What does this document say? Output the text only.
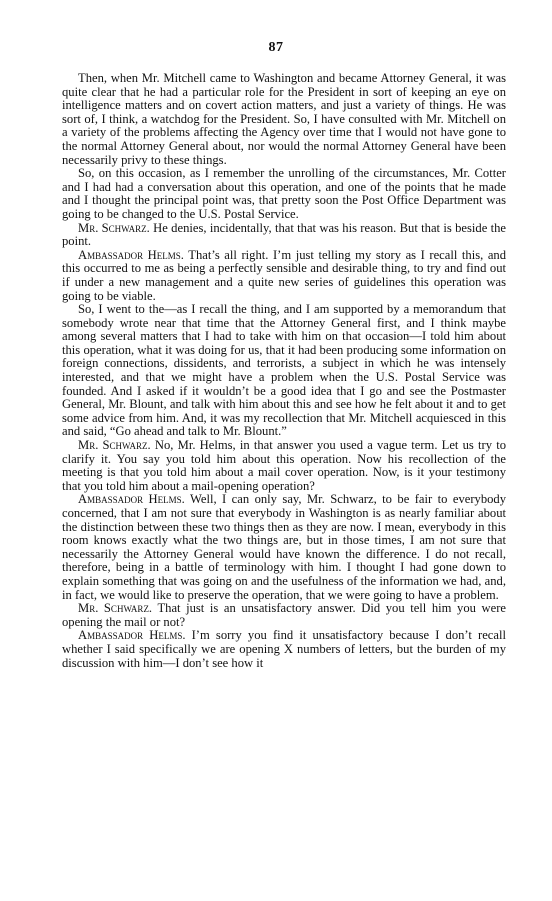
87

Then, when Mr. Mitchell came to Washington and became Attorney General, it was quite clear that he had a particular role for the President in sort of keeping an eye on intelligence matters and on covert action matters, and just a variety of things. He was sort of, I think, a watchdog for the President. So, I have consulted with Mr. Mitchell on a variety of the problems affecting the Agency over time that I would not have gone to the normal Attorney General about, nor would the normal Attorney General have been necessarily privy to these things.

So, on this occasion, as I remember the unrolling of the circumstances, Mr. Cotter and I had had a conversation about this operation, and one of the points that he made and I thought the principal point was, that pretty soon the Post Office Department was going to be changed to the U.S. Postal Service.

Mr. Schwarz. He denies, incidentally, that that was his reason. But that is beside the point.

Ambassador Helms. That’s all right. I’m just telling my story as I recall this, and this occurred to me as being a perfectly sensible and desirable thing, to try and find out if under a new management and a quite new series of guidelines this operation was going to be viable.

So, I went to the—as I recall the thing, and I am supported by a memorandum that somebody wrote near that time that the Attorney General first, and I think maybe among several matters that I had to take with him on that occasion—I told him about this operation, what it was doing for us, that it had been producing some information on foreign connections, dissidents, and terrorists, a subject in which he was intensely interested, and that we might have a problem when the U.S. Postal Service was founded. And I asked if it wouldn’t be a good idea that I go and see the Postmaster General, Mr. Blount, and talk with him about this and see how he felt about it and to get some advice from him. And, it was my recollection that Mr. Mitchell acquiesced in this and said, “Go ahead and talk to Mr. Blount.”

Mr. Schwarz. No, Mr. Helms, in that answer you used a vague term. Let us try to clarify it. You say you told him about this operation. Now his recollection of the meeting is that you told him about a mail cover operation. Now, is it your testimony that you told him about a mail-opening operation?

Ambassador Helms. Well, I can only say, Mr. Schwarz, to be fair to everybody concerned, that I am not sure that everybody in Washington is as nearly familiar about the distinction between these two things then as they are now. I mean, everybody in this room knows exactly what the two things are, but in those times, I am not sure that necessarily the Attorney General would have known the difference. I do not recall, therefore, being in a battle of terminology with him. I thought I had gone down to explain something that was going on and the usefulness of the information we had, and, in fact, we would like to preserve the operation, that we were going to have a problem.

Mr. Schwarz. That just is an unsatisfactory answer. Did you tell him you were opening the mail or not?

Ambassador Helms. I’m sorry you find it unsatisfactory because I don’t recall whether I said specifically we are opening X numbers of letters, but the burden of my discussion with him—I don’t see how it
